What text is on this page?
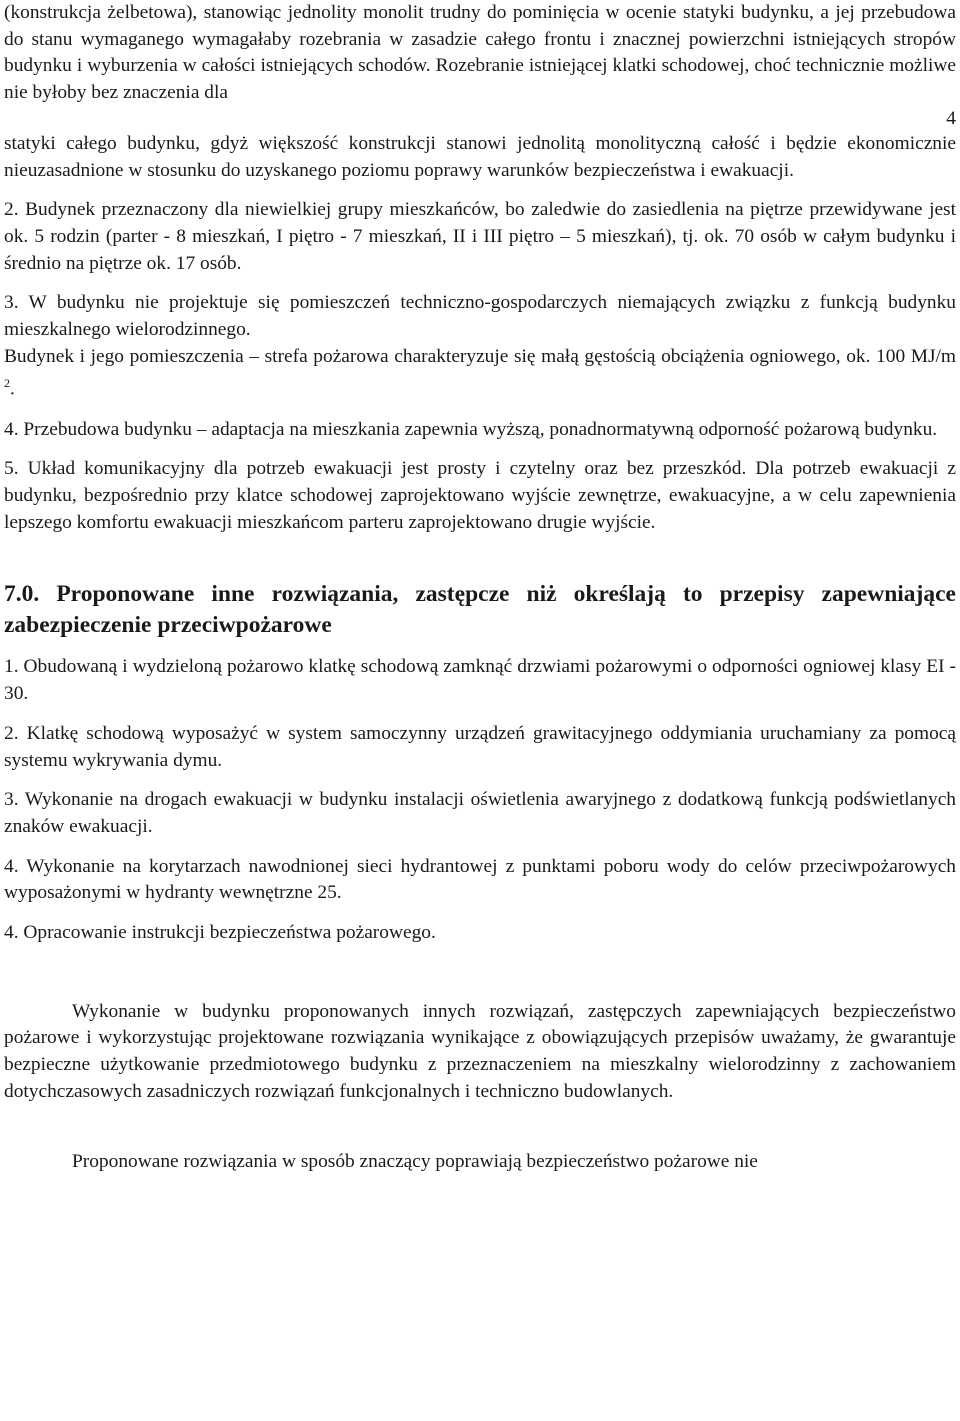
(konstrukcja żelbetowa), stanowiąc jednolity monolit trudny do pominięcia w ocenie statyki budynku, a jej przebudowa do stanu wymaganego wymagałaby rozebrania w zasadzie całego frontu i znacznej powierzchni istniejących stropów budynku i wyburzenia w całości istniejących schodów. Rozebranie istniejącej klatki schodowej, choć technicznie możliwe nie byłoby bez znaczenia dla

4

statyki całego budynku, gdyż większość konstrukcji stanowi jednolitą monolityczną całość i będzie ekonomicznie nieuzasadnione w stosunku do uzyskanego poziomu poprawy warunków bezpieczeństwa i ewakuacji.

2. Budynek przeznaczony dla niewielkiej grupy mieszkańców, bo zaledwie do zasiedlenia na piętrze przewidywane jest ok. 5 rodzin (parter - 8 mieszkań, I piętro - 7 mieszkań, II i III piętro – 5 mieszkań), tj. ok. 70 osób w całym budynku i średnio na piętrze ok. 17 osób.

3. W budynku nie projektuje się pomieszczeń techniczno-gospodarczych niemających związku z funkcją budynku mieszkalnego wielorodzinnego.

Budynek i jego pomieszczenia – strefa pożarowa charakteryzuje się małą gęstością obciążenia ogniowego, ok. 100 MJ/m $^2$.

4. Przebudowa budynku – adaptacja na mieszkania zapewnia wyższą, ponadnormatywną odporność pożarową budynku.

5. Układ komunikacyjny dla potrzeb ewakuacji jest prosty i czytelny oraz bez przeszkód. Dla potrzeb ewakuacji z budynku, bezpośrednio przy klatce schodowej zaprojektowano wyjście zewnętrze, ewakuacyjne, a w celu zapewnienia lepszego komfortu ewakuacji mieszkańcom parteru zaprojektowano drugie wyjście.

7.0. Proponowane inne rozwiązania, zastępcze niż określają to przepisy zapewniające zabezpieczenie przeciwpożarowe

1. Obudowaną i wydzieloną pożarowo klatkę schodową zamknąć drzwiami pożarowymi o odporności ogniowej klasy EI - 30.

2. Klatkę schodową wyposażyć w system samoczynny urządzeń grawitacyjnego oddymiania uruchamiany za pomocą systemu wykrywania dymu.

3. Wykonanie na drogach ewakuacji w budynku instalacji oświetlenia awaryjnego z dodatkową funkcją podświetlanych znaków ewakuacji.

4. Wykonanie na korytarzach nawodnionej sieci hydrantowej z punktami poboru wody do celów przeciwpożarowych wyposażonymi w hydranty wewnętrzne 25.

4. Opracowanie instrukcji bezpieczeństwa pożarowego.

Wykonanie w budynku proponowanych innych rozwiązań, zastępczych zapewniających bezpieczeństwo pożarowe i wykorzystując projektowane rozwiązania wynikające z obowiązujących przepisów uważamy, że gwarantuje bezpieczne użytkowanie przedmiotowego budynku z przeznaczeniem na mieszkalny wielorodzinny z zachowaniem dotychczasowych zasadniczych rozwiązań funkcjonalnych i techniczno budowlanych.

Proponowane rozwiązania w sposób znaczący poprawiają bezpieczeństwo pożarowe nie
